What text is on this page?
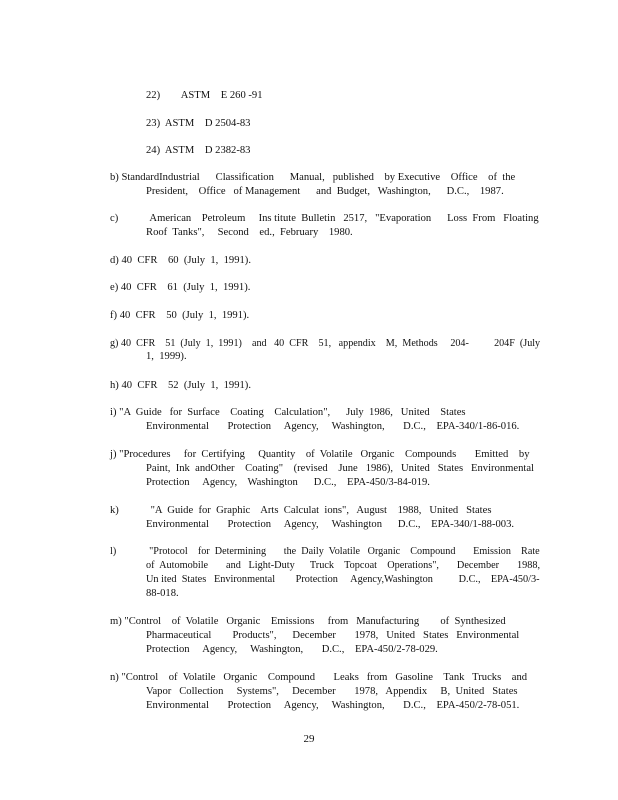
22)        ASTM    E 260 -91
23)  ASTM    D 2504-83
24)  ASTM    D 2382-83
b) StandardIndustrial      Classification      Manual,   published    by Executive    Office    of  the
President,    Office   of Management      and  Budget,   Washington,      D.C.,    1987.
c)            American    Petroleum     Ins titute  Bulletin   2517,   "Evaporation      Loss  From   Floating
Roof  Tanks",     Second    ed.,  February    1980.
d) 40  CFR    60  (July  1,  1991).
e) 40  CFR    61  (July  1,  1991).
f) 40  CFR    50  (July  1,  1991).
g) 40  CFR    51  (July  1,  1991)    and   40  CFR    51,   appendix    M,  Methods     204-          204F  (July
1,  1999).
h) 40  CFR    52  (July  1,  1991).
i) "A  Guide   for  Surface    Coating    Calculation",      July  1986,   United    States
Environmental       Protection     Agency,     Washington,       D.C.,    EPA-340/1-86-016.
j) "Procedures     for  Certifying     Quantity    of  Volatile   Organic    Compounds       Emitted    by
Paint,  Ink  andOther    Coating"    (revised    June   1986),   United   States   Environmental
Protection     Agency,    Washington      D.C.,    EPA-450/3-84-019.
k)            "A  Guide  for  Graphic    Arts  Calculat  ions",   August    1988,   United   States
Environmental       Protection     Agency,     Washington      D.C.,    EPA-340/1-88-003.
l)             "Protocol    for  Determining       the  Daily  Volatile   Organic    Compound       Emission    Rate
of  Automobile       and   Light-Duty      Truck    Topcoat    Operations",       December       1988,
Un ited  States   Environmental        Protection     Agency,Washington          D.C.,    EPA-450/3-
88-018.
m) "Control    of  Volatile   Organic    Emissions     from   Manufacturing        of  Synthesized
Pharmaceutical        Products",      December       1978,   United   States   Environmental
Protection     Agency,     Washington,       D.C.,    EPA-450/2-78-029.
n) "Control    of  Volatile   Organic    Compound       Leaks   from   Gasoline    Tank   Trucks    and
Vapor   Collection     Systems",     December       1978,   Appendix     B,  United   States
Environmental       Protection     Agency,     Washington,       D.C.,    EPA-450/2-78-051.
29
